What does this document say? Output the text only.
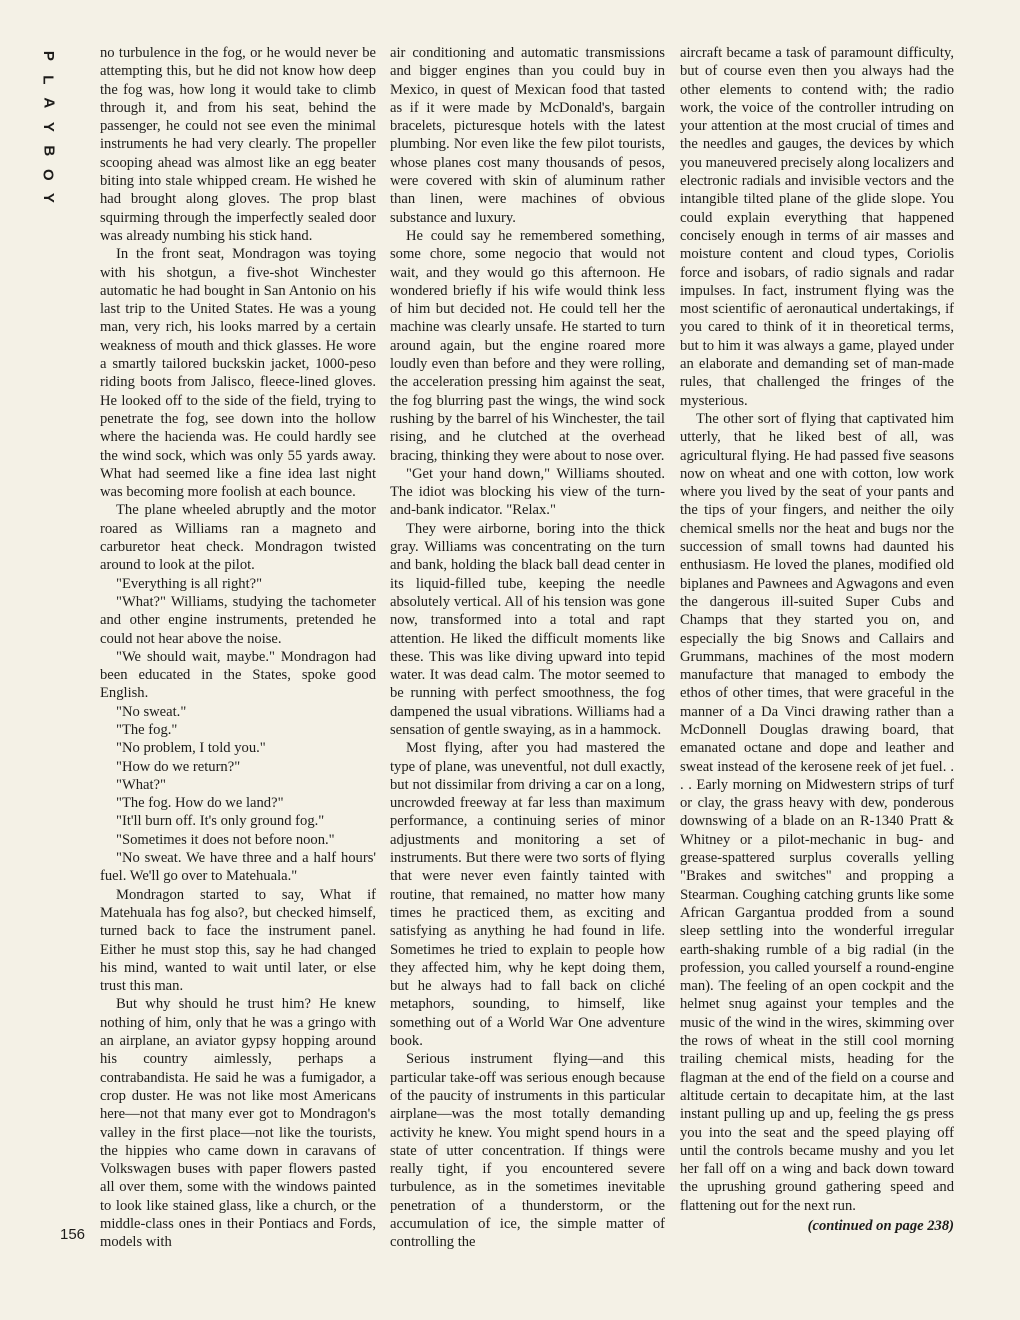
P
L
A
Y
B
O
Y

no turbulence in the fog, or he would never be attempting this, but he did not know how deep the fog was, how long it would take to climb through it, and from his seat, behind the passenger, he could not see even the minimal instruments he had very clearly. The propeller scooping ahead was almost like an egg beater biting into stale whipped cream. He wished he had brought along gloves. The prop blast squirming through the imperfectly sealed door was already numbing his stick hand.

In the front seat, Mondragon was toying with his shotgun, a five-shot Winchester automatic he had bought in San Antonio on his last trip to the United States. He was a young man, very rich, his looks marred by a certain weakness of mouth and thick glasses. He wore a smartly tailored buckskin jacket, 1000-peso riding boots from Jalisco, fleece-lined gloves. He looked off to the side of the field, trying to penetrate the fog, see down into the hollow where the hacienda was. He could hardly see the wind sock, which was only 55 yards away. What had seemed like a fine idea last night was becoming more foolish at each bounce.

The plane wheeled abruptly and the motor roared as Williams ran a magneto and carburetor heat check. Mondragon twisted around to look at the pilot.

"Everything is all right?"

"What?" Williams, studying the tachometer and other engine instruments, pretended he could not hear above the noise.

"We should wait, maybe." Mondragon had been educated in the States, spoke good English.

"No sweat."

"The fog."

"No problem, I told you."

"How do we return?"

"What?"

"The fog. How do we land?"

"It'll burn off. It's only ground fog."

"Sometimes it does not before noon."

"No sweat. We have three and a half hours' fuel. We'll go over to Matehuala."

Mondragon started to say, What if Matehuala has fog also?, but checked himself, turned back to face the instrument panel. Either he must stop this, say he had changed his mind, wanted to wait until later, or else trust this man.

But why should he trust him? He knew nothing of him, only that he was a gringo with an airplane, an aviator gypsy hopping around his country aimlessly, perhaps a contrabandista. He said he was a fumigador, a crop duster. He was not like most Americans here—not that many ever got to Mondragon's valley in the first place—not like the tourists, the hippies who came down in caravans of Volkswagen buses with paper flowers pasted all over them, some with the windows painted to look like stained glass, like a church, or the middle-class ones in their Pontiacs and Fords, models with

air conditioning and automatic transmissions and bigger engines than you could buy in Mexico, in quest of Mexican food that tasted as if it were made by McDonald's, bargain bracelets, picturesque hotels with the latest plumbing. Nor even like the few pilot tourists, whose planes cost many thousands of pesos, were covered with skin of aluminum rather than linen, were machines of obvious substance and luxury.

He could say he remembered something, some chore, some negocio that would not wait, and they would go this afternoon. He wondered briefly if his wife would think less of him but decided not. He could tell her the machine was clearly unsafe. He started to turn around again, but the engine roared more loudly even than before and they were rolling, the acceleration pressing him against the seat, the fog blurring past the wings, the wind sock rushing by the barrel of his Winchester, the tail rising, and he clutched at the overhead bracing, thinking they were about to nose over.

"Get your hand down," Williams shouted. The idiot was blocking his view of the turn-and-bank indicator. "Relax."

They were airborne, boring into the thick gray. Williams was concentrating on the turn and bank, holding the black ball dead center in its liquid-filled tube, keeping the needle absolutely vertical. All of his tension was gone now, transformed into a total and rapt attention. He liked the difficult moments like these. This was like diving upward into tepid water. It was dead calm. The motor seemed to be running with perfect smoothness, the fog dampened the usual vibrations. Williams had a sensation of gentle swaying, as in a hammock.

Most flying, after you had mastered the type of plane, was uneventful, not dull exactly, but not dissimilar from driving a car on a long, uncrowded freeway at far less than maximum performance, a continuing series of minor adjustments and monitoring a set of instruments. But there were two sorts of flying that were never even faintly tainted with routine, that remained, no matter how many times he practiced them, as exciting and satisfying as anything he had found in life. Sometimes he tried to explain to people how they affected him, why he kept doing them, but he always had to fall back on cliché metaphors, sounding, to himself, like something out of a World War One adventure book.

Serious instrument flying—and this particular take-off was serious enough because of the paucity of instruments in this particular airplane—was the most totally demanding activity he knew. You might spend hours in a state of utter concentration. If things were really tight, if you encountered severe turbulence, as in the sometimes inevitable penetration of a thunderstorm, or the accumulation of ice, the simple matter of controlling the

aircraft became a task of paramount difficulty, but of course even then you always had the other elements to contend with; the radio work, the voice of the controller intruding on your attention at the most crucial of times and the needles and gauges, the devices by which you maneuvered precisely along localizers and electronic radials and invisible vectors and the intangible tilted plane of the glide slope. You could explain everything that happened concisely enough in terms of air masses and moisture content and cloud types, Coriolis force and isobars, of radio signals and radar impulses. In fact, instrument flying was the most scientific of aeronautical undertakings, if you cared to think of it in theoretical terms, but to him it was always a game, played under an elaborate and demanding set of man-made rules, that challenged the fringes of the mysterious.

The other sort of flying that captivated him utterly, that he liked best of all, was agricultural flying. He had passed five seasons now on wheat and one with cotton, low work where you lived by the seat of your pants and the tips of your fingers, and neither the oily chemical smells nor the heat and bugs nor the succession of small towns had daunted his enthusiasm. He loved the planes, modified old biplanes and Pawnees and Agwagons and even the dangerous ill-suited Super Cubs and Champs that they started you on, and especially the big Snows and Callairs and Grummans, machines of the most modern manufacture that managed to embody the ethos of other times, that were graceful in the manner of a Da Vinci drawing rather than a McDonnell Douglas drawing board, that emanated octane and dope and leather and sweat instead of the kerosene reek of jet fuel. . . . Early morning on Midwestern strips of turf or clay, the grass heavy with dew, ponderous downswing of a blade on an R-1340 Pratt & Whitney or a pilot-mechanic in bug- and grease-spattered surplus coveralls yelling "Brakes and switches" and propping a Stearman. Coughing catching grunts like some African Gargantua prodded from a sound sleep settling into the wonderful irregular earth-shaking rumble of a big radial (in the profession, you called yourself a round-engine man). The feeling of an open cockpit and the helmet snug against your temples and the music of the wind in the wires, skimming over the rows of wheat in the still cool morning trailing chemical mists, heading for the flagman at the end of the field on a course and altitude certain to decapitate him, at the last instant pulling up and up, feeling the gs press you into the seat and the speed playing off until the controls became mushy and you let her fall off on a wing and back down toward the uprushing ground gathering speed and flattening out for the next run.

(continued on page 238)

156
